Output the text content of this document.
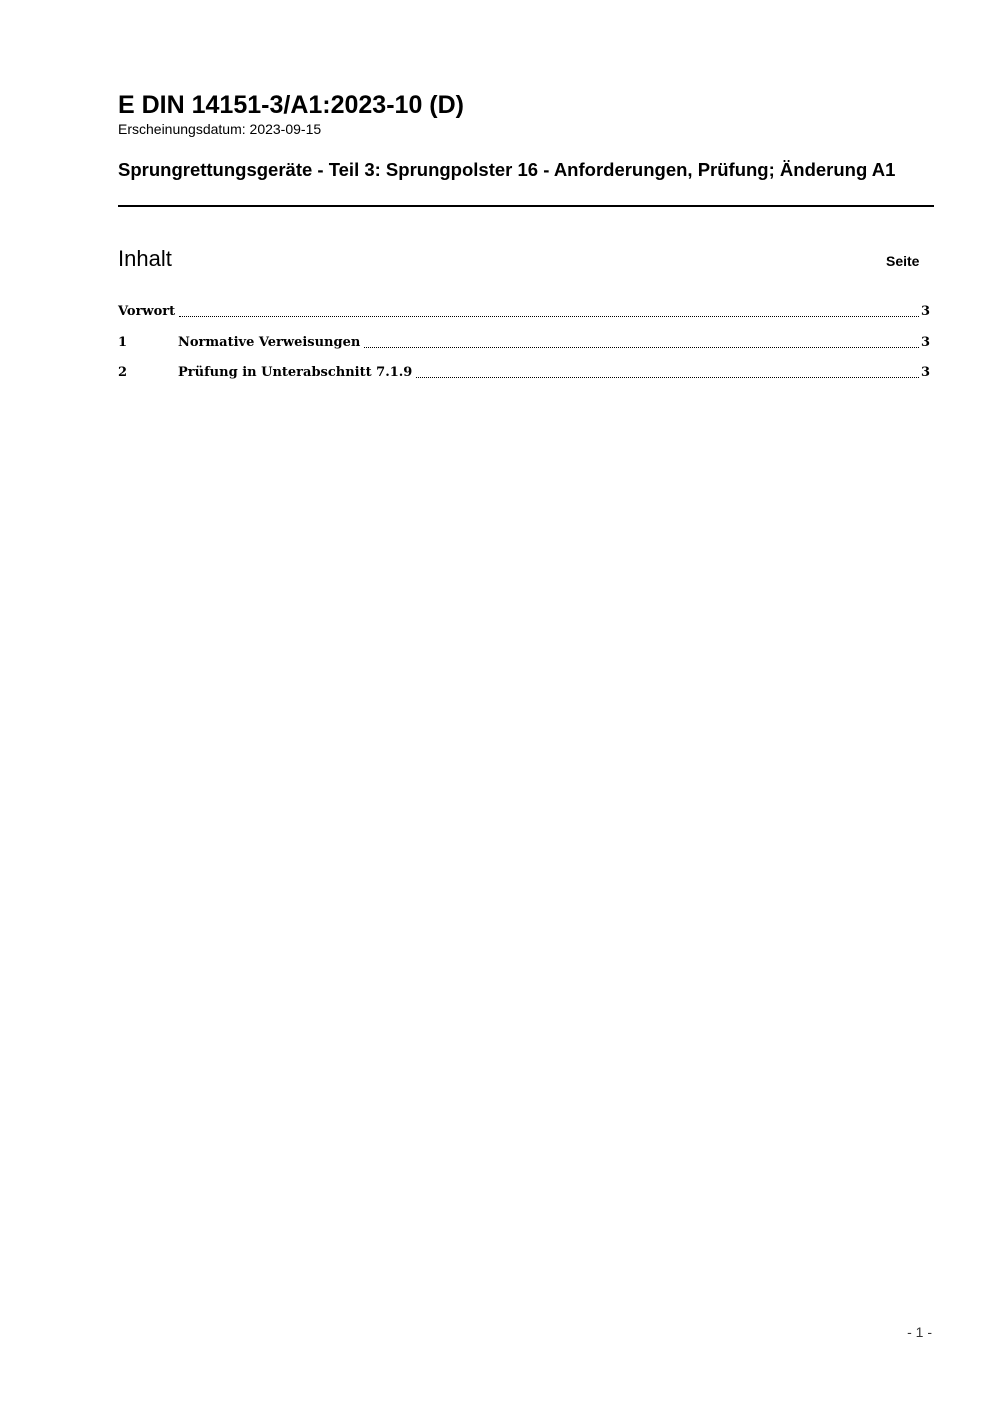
E DIN 14151-3/A1:2023-10 (D)
Erscheinungsdatum: 2023-09-15
Sprungrettungsgeräte - Teil 3: Sprungpolster 16 - Anforderungen, Prüfung; Änderung A1
Inhalt	Seite
Vorwort	3
1	Normative Verweisungen	3
2	Prüfung in Unterabschnitt 7.1.9	3
- 1 -
